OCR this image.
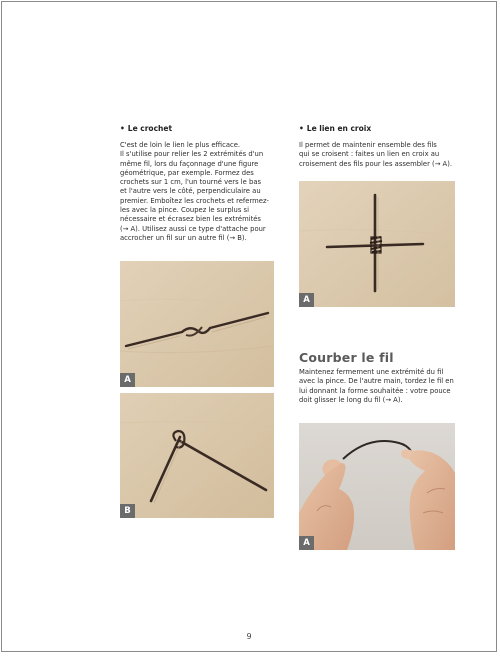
• Le crochet
C'est de loin le lien le plus efficace.
Il s'utilise pour relier les 2 extrémités d'un
même fil, lors du façonnage d'une figure
géométrique, par exemple. Formez des
crochets sur 1 cm, l'un tourné vers le bas
et l'autre vers le côté, perpendiculaire au
premier. Emboîtez les crochets et refermez-
les avec la pince. Coupez le surplus si
nécessaire et écrasez bien les extrémités
(→ A). Utilisez aussi ce type d'attache pour
accrocher un fil sur un autre fil (→ B).
A
B
• Le lien en croix
Il permet de maintenir ensemble des fils
qui se croisent : faites un lien en croix au
croisement des fils pour les assembler (→ A).
A
Courber le fil
Maintenez fermement une extrémité du fil
avec la pince. De l'autre main, tordez le fil en
lui donnant la forme souhaitée : votre pouce
doit glisser le long du fil (→ A).
A
9
